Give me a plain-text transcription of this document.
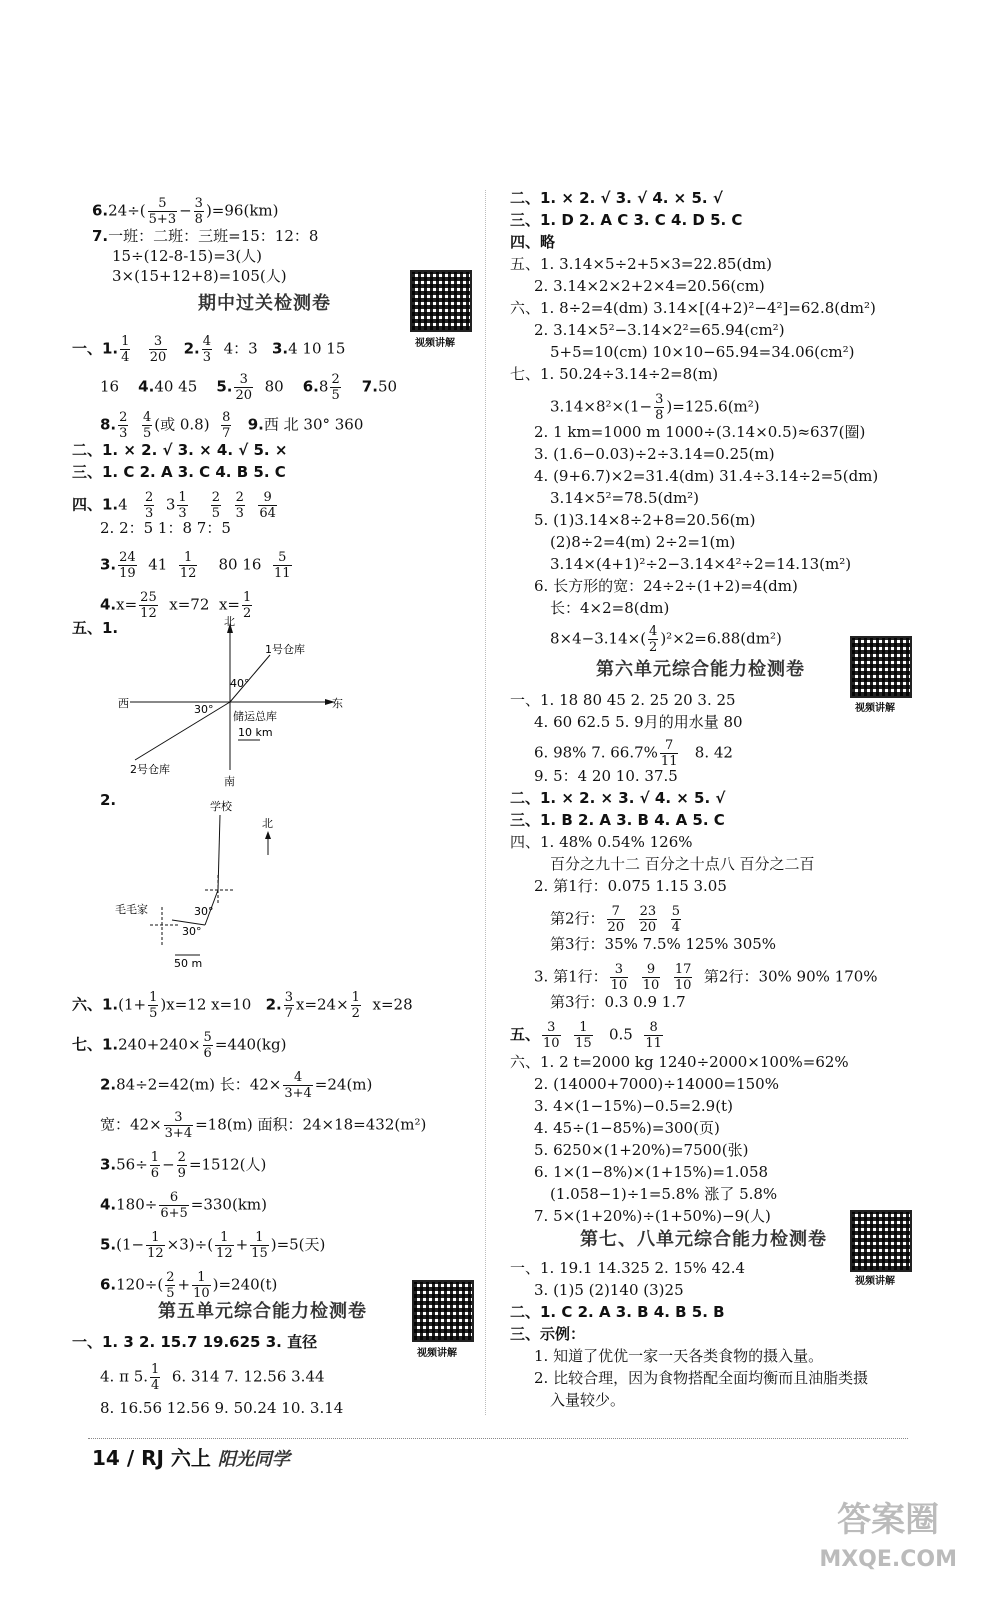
$6.24\div( \frac{5}{5+3} - \frac{3}{8} )=96(km)$
7.一班：二班：三班=15：12：8
15÷(12-8-15)=3(人)
3×(15+12+8)=105(人)
期中过关检测卷
视频讲解
一、1. $\frac{1}{4}$
$\frac{3}{20} 2$. $\frac{4}{3} 4$：3 3.4 10 15
16 4.40 45 5. $\frac{3}{20} 80$ $6.8 \frac{2}{5} 7.50$
8. $\frac{2}{3}$
$\frac{4}{5}$ (或 $0.8) \frac{8}{7} 9$.西 北 30° 360
二、1. × 2. √ 3. × 4. √ 5. ×
三、1. C 2. A 3. C 4. B 5. C
四、$1.4 \frac{2}{3} 3 \frac{1}{3}$
$\frac{2}{5}$
$\frac{2}{3}$
$\frac{9}{64}$
2. 2：5 1：8 7：5
3. $\frac{24}{19} 41 \frac{1}{12} 80$ $16 \frac{5}{11}$
$4.x= \frac{25}{12} x=72$ $x= \frac{1}{2}$
五、1.	北
西	东
南
1号仓库
2号仓库
储运总库
40°
30°
10 km
2.	学校
北
毛毛家	30°
30°
50 m
六、$1.(1+ \frac{1}{5} )x=12$ x=10 2. $\frac{3}{7} x=24\times \frac{1}{2} x=28$
七、$1.240+240\times \frac{5}{6} =440(kg)$
2.84÷2=42(m) 长：$42\times \frac{4}{3+4} =24(m)$
宽：$42\times \frac{3}{3+4} =18(m)$ 面积：24×18=432(m²)
$3.56\div \frac{1}{6} - \frac{2}{9} =1512$(人)
$4.180\div \frac{6}{6+5} =330(km)$
$5.(1- \frac{1}{12} \times 3)\div( \frac{1}{12} + \frac{1}{15} )=5$(天)
$6.120\div( \frac{2}{5} + \frac{1}{10} )=240(t)$
第五单元综合能力检测卷
视频讲解
一、1. 3 2. 15.7 19.625 3. 直径
4. π 5. $\frac{1}{4} 6$. 314 7. 12.56 3.44
8. 16.56 12.56 9. 50.24 10. 3.14
二、1. × 2. √ 3. √ 4. × 5. √
三、1. D 2. A C 3. C 4. D 5. C
四、略
五、1. 3.14×5÷2+5×3=22.85(dm)
2. 3.14×2×2+2×4=20.56(cm)
六、1. 8÷2=4(dm) 3.14×[(4+2)²−4²]=62.8(dm²)
2. 3.14×5²−3.14×2²=65.94(cm²)
5+5=10(cm) 10×10−65.94=34.06(cm²)
七、1. 50.24÷3.14÷2=8(m)
$3.14\times 8^2\times(1- \frac{3}{8} )=125.6(m^2)$
2. 1 km=1000 m 1000÷(3.14×0.5)≈637(圈)
3. (1.6−0.03)÷2÷3.14=0.25(m)
4. (9+6.7)×2=31.4(dm) 31.4÷3.14÷2=5(dm)
3.14×5²=78.5(dm²)
5. (1)3.14×8÷2+8=20.56(m)
(2)8÷2=4(m) 2÷2=1(m)
3.14×(4+1)²÷2−3.14×4²÷2=14.13(m²)
6. 长方形的宽：24÷2÷(1+2)=4(dm)
长：4×2=8(dm)
$8\times 4-3.14\times( \frac{4}{2} )^2\times 2=6.88(dm^2)$
第六单元综合能力检测卷
视频讲解
一、1. 18 80 45 2. 25 20 3. 25
4. 60 62.5 5. 9月的用水量 80
6. 98% 7. $66.7\% \frac{7}{11} 8$. 42
9. 5：4 20 10. 37.5
二、1. × 2. × 3. √ 4. × 5. √
三、1. B 2. A 3. B 4. A 5. C
四、1. 48% 0.54% 126%
百分之九十二 百分之十点八 百分之二百
2. 第1行：0.075 1.15 3.05
第2行： $\frac{7}{20}$
$\frac{23}{20}$
$\frac{5}{4}$
第3行：35% 7.5% 125% 305%
3. 第1行： $\frac{3}{10}$
$\frac{9}{10}$
$\frac{17}{10}$ 第2行：30% 90% 170%
第3行：0.3 0.9 1.7
五、 $\frac{3}{10}$
$\frac{1}{15} 0.5 \frac{8}{11}$
六、1. 2 t=2000 kg 1240÷2000×100%=62%
2. (14000+7000)÷14000=150%
3. 4×(1−15%)−0.5=2.9(t)
4. 45÷(1−85%)=300(页)
5. 6250×(1+20%)=7500(张)
6. 1×(1−8%)×(1+15%)=1.058
(1.058−1)÷1=5.8% 涨了 5.8%
7. 5×(1+20%)÷(1+50%)−9(人)
第七、八单元综合能力检测卷
视频讲解
一、1. 19.1 14.325 2. 15% 42.4
3. (1)5 (2)140 (3)25
二、1. C 2. A 3. B 4. B 5. B
三、示例：
1. 知道了优优一家一天各类食物的摄入量。
2. 比较合理，因为食物搭配全面均衡而且油脂类摄
入量较少。
14 / RJ 六上 阳光同学
答案圈
MXQE.COM
